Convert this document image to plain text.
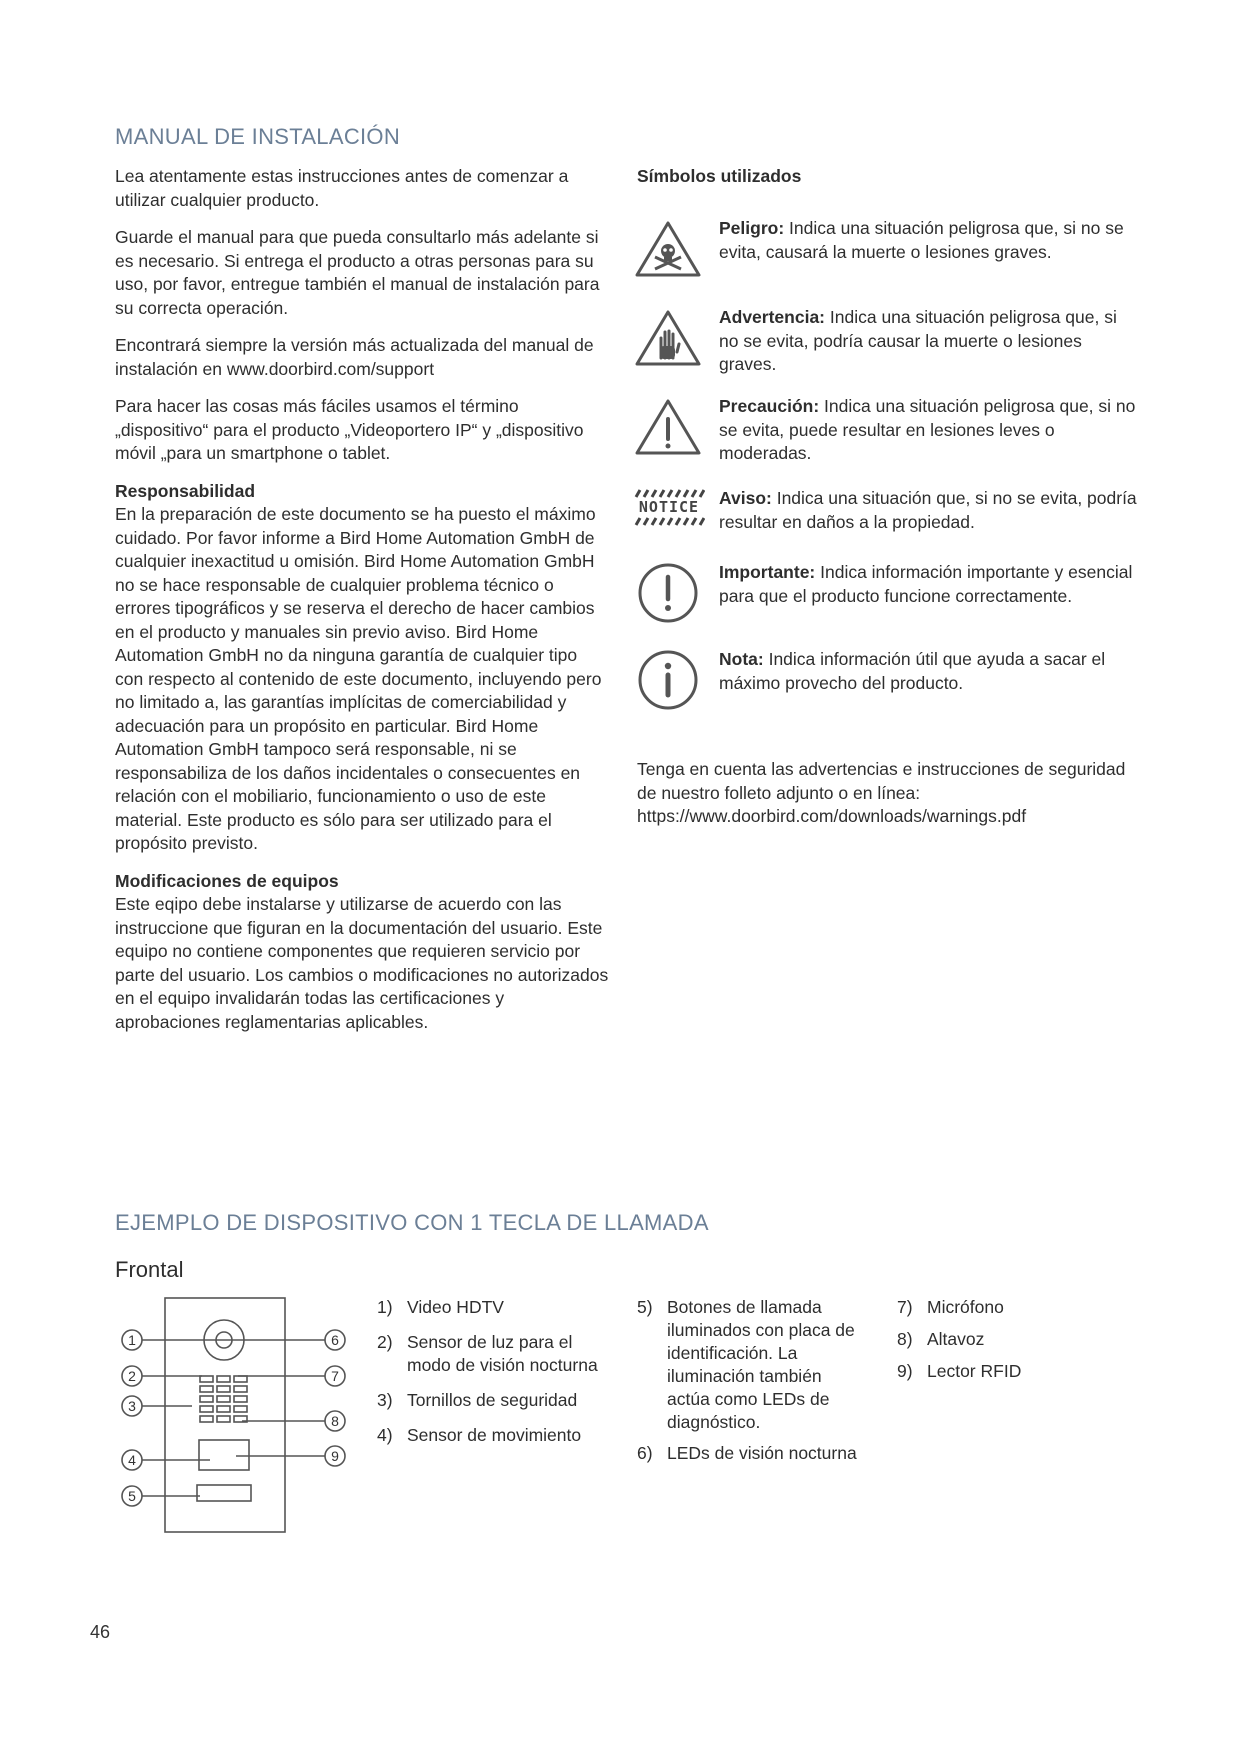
MANUAL DE INSTALACIÓN

Lea atentamente estas instrucciones antes de comenzar a utilizar cualquier producto.

Guarde el manual para que pueda consultarlo más adelante si es necesario. Si entrega el producto a otras personas para su uso, por favor, entregue también el manual de instalación para su correcta operación.

Encontrará siempre la versión más actualizada del manual de instalación en www.doorbird.com/support

Para hacer las cosas más fáciles usamos el término „dispositivo“ para el producto „Videoportero IP“ y „dispositivo móvil „para un smartphone o tablet.

Responsabilidad

En la preparación de este documento se ha puesto el máximo cuidado. Por favor informe a Bird Home Automation GmbH de cualquier inexactitud u omisión. Bird Home Automation GmbH no se hace responsable de cualquier problema técnico o errores tipográficos y se reserva el derecho de hacer cambios en el producto y manuales sin previo aviso. Bird Home Automation GmbH no da ninguna garantía de cualquier tipo con respecto al contenido de este documento, incluyendo pero no limitado a, las garantías implícitas de comerciabilidad y adecuación para un propósito en particular. Bird Home Automation GmbH tampoco será responsable, ni se responsabiliza de los daños incidentales o consecuentes en relación con el mobiliario, funcionamiento o uso de este material. Este producto es sólo para ser utilizado para el propósito previsto.

Modificaciones de equipos

Este eqipo debe instalarse y utilizarse de acuerdo con las instruccione que figuran en la documentación del usuario. Este equipo no contiene componentes que requieren servicio por parte del usuario. Los cambios o modificaciones no autorizados en el equipo invalidarán todas las certificaciones y aprobaciones reglamentarias aplicables.

Símbolos utilizados
Peligro: Indica una situación peligrosa que, si no se evita, causará la muerte o lesiones graves.
Advertencia: Indica una situación peligrosa que, si no se evita, podría causar la muerte o lesiones graves.
Precaución: Indica una situación peligrosa que, si no se evita, puede resultar en lesiones leves o moderadas.
NOTICE	Aviso: Indica una situación que, si no se evita, podría resultar en daños a la propiedad.
Importante: Indica información importante y esencial para que el producto funcione correctamente.
Nota: Indica información útil que ayuda a sacar el máximo provecho del producto.

Tenga en cuenta las advertencias e instrucciones de seguridad de nuestro folleto adjunto o en línea: https://www.doorbird.com/downloads/warnings.pdf

EJEMPLO DE DISPOSITIVO CON 1 TECLA DE LLAMADA
Frontal
1
2
3
4
5
6
7
8
9
1) Video HDTV
2) Sensor de luz para el modo de visión nocturna
3) Tornillos de seguridad
4) Sensor de movimiento
5) Botones de llamada iluminados con placa de identificación. La iluminación también actúa como LEDs de diagnóstico.
6) LEDs de visión nocturna
7) Micrófono
8) Altavoz
9) Lector RFID
46
